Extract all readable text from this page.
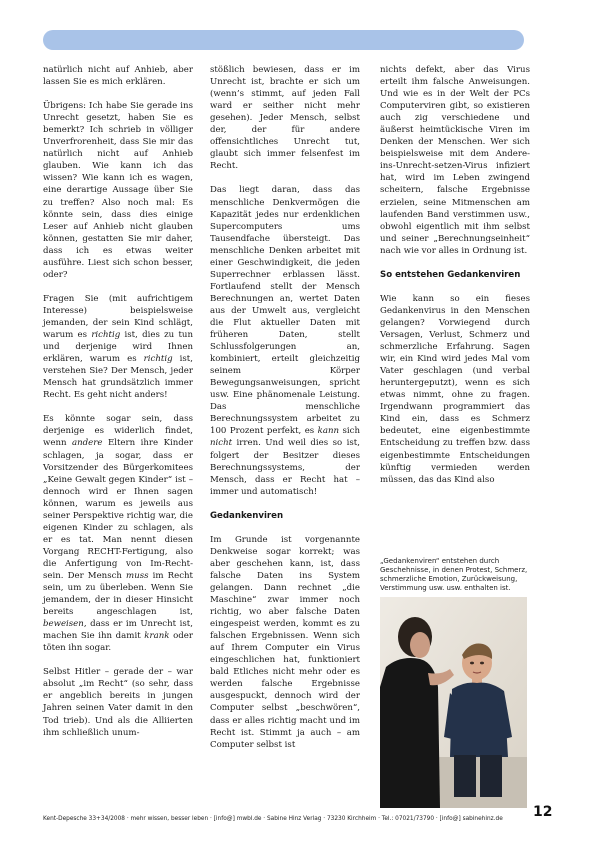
natürlich nicht auf Anhieb, aber lassen Sie es mich erklären.

Übrigens: Ich habe Sie gerade ins Unrecht gesetzt, haben Sie es bemerkt? Ich schrieb in völliger Unverfrorenheit, dass Sie mir das natürlich nicht auf Anhieb glauben. Wie kann ich das wissen? Wie kann ich es wagen, eine derartige Aussage über Sie zu treffen? Also noch mal: Es könnte sein, dass dies einige Leser auf Anhieb nicht glauben können, gestatten Sie mir daher, dass ich es etwas weiter ausführe. Liest sich schon besser, oder?

Fragen Sie (mit aufrichtigem Interesse) beispielsweise jemanden, der sein Kind schlägt, warum es richtig ist, dies zu tun und derjenige wird Ihnen erklären, warum es richtig ist, verstehen Sie? Der Mensch, jeder Mensch hat grundsätzlich immer Recht. Es geht nicht anders!

Es könnte sogar sein, dass derjenige es widerlich findet, wenn andere Eltern ihre Kinder schlagen, ja sogar, dass er Vorsitzender des Bürgerkomitees „Keine Gewalt gegen Kinder“ ist – dennoch wird er Ihnen sagen können, warum es jeweils aus seiner Perspektive richtig war, die eigenen Kinder zu schlagen, als er es tat. Man nennt diesen Vorgang RECHT-Fertigung, also die Anfertigung von Im-Recht-sein. Der Mensch muss im Recht sein, um zu überleben. Wenn Sie jemandem, der in dieser Hinsicht bereits angeschlagen ist, beweisen, dass er im Unrecht ist, machen Sie ihn damit krank oder töten ihn sogar.

Selbst Hitler – gerade der – war absolut „im Recht“ (so sehr, dass er angeblich bereits in jungen Jahren seinen Vater damit in den Tod trieb). Und als die Alliierten ihm schließlich unum-

stößlich bewiesen, dass er im Unrecht ist, brachte er sich um (wenn’s stimmt, auf jeden Fall ward er seither nicht mehr gesehen). Jeder Mensch, selbst der, der für andere offensichtliches Unrecht tut, glaubt sich immer felsenfest im Recht.

Das liegt daran, dass das menschliche Denkvermögen die Kapazität jedes nur erdenklichen Supercomputers ums Tausendfache übersteigt. Das menschliche Denken arbeitet mit einer Geschwindigkeit, die jeden Superrechner erblassen lässt. Fortlaufend stellt der Mensch Berechnungen an, wertet Daten aus der Umwelt aus, vergleicht die Flut aktueller Daten mit früheren Daten, stellt Schlussfolgerungen an, kombiniert, erteilt gleichzeitig seinem Körper Bewegungsanweisungen, spricht usw. Eine phänomenale Leistung. Das menschliche Berechnungssystem arbeitet zu 100 Prozent perfekt, es kann sich nicht irren. Und weil dies so ist, folgert der Besitzer dieses Berechnungssystems, der Mensch, dass er Recht hat – immer und automatisch!

Gedankenviren

Im Grunde ist vorgenannte Denkweise sogar korrekt; was aber geschehen kann, ist, dass falsche Daten ins System gelangen. Dann rechnet „die Maschine“ zwar immer noch richtig, wo aber falsche Daten eingespeist werden, kommt es zu falschen Ergebnissen. Wenn sich auf Ihrem Computer ein Virus eingeschlichen hat, funktioniert bald Etliches nicht mehr oder es werden falsche Ergebnisse ausgespuckt, dennoch wird der Computer selbst „beschwören“, dass er alles richtig macht und im Recht ist. Stimmt ja auch – am Computer selbst ist

nichts defekt, aber das Virus erteilt ihm falsche Anweisungen. Und wie es in der Welt der PCs Computerviren gibt, so existieren auch zig verschiedene und äußerst heimtückische Viren im Denken der Menschen. Wer sich beispielsweise mit dem Andere-ins-Unrecht-setzen-Virus infiziert hat, wird im Leben zwingend scheitern, falsche Ergebnisse erzielen, seine Mitmenschen am laufenden Band verstimmen usw., obwohl eigentlich mit ihm selbst und seiner „Berechnungseinheit“ nach wie vor alles in Ordnung ist.

So entstehen Gedankenviren

Wie kann so ein fieses Gedankenvirus in den Menschen gelangen? Vorwiegend durch Versagen, Verlust, Schmerz und schmerzliche Erfahrung. Sagen wir, ein Kind wird jedes Mal vom Vater geschlagen (und verbal heruntergeputzt), wenn es sich etwas nimmt, ohne zu fragen. Irgendwann programmiert das Kind ein, dass es Schmerz bedeutet, eine eigenbestimmte Entscheidung zu treffen bzw. dass eigenbestimmte Entscheidungen künftig vermieden werden müssen, das das Kind also

„Gedankenviren“ entstehen durch Geschehnisse, in denen Protest, Schmerz, schmerzliche Emotion, Zurückweisung, Verstimmung usw. usw. enthalten ist.
Kent-Depesche 33+34/2008 · mehr wissen, besser leben · [info@] mwbl.de · Sabine Hinz Verlag · 73230 Kirchheim · Tel.: 07021/73790 · [info@] sabinehinz.de	12
